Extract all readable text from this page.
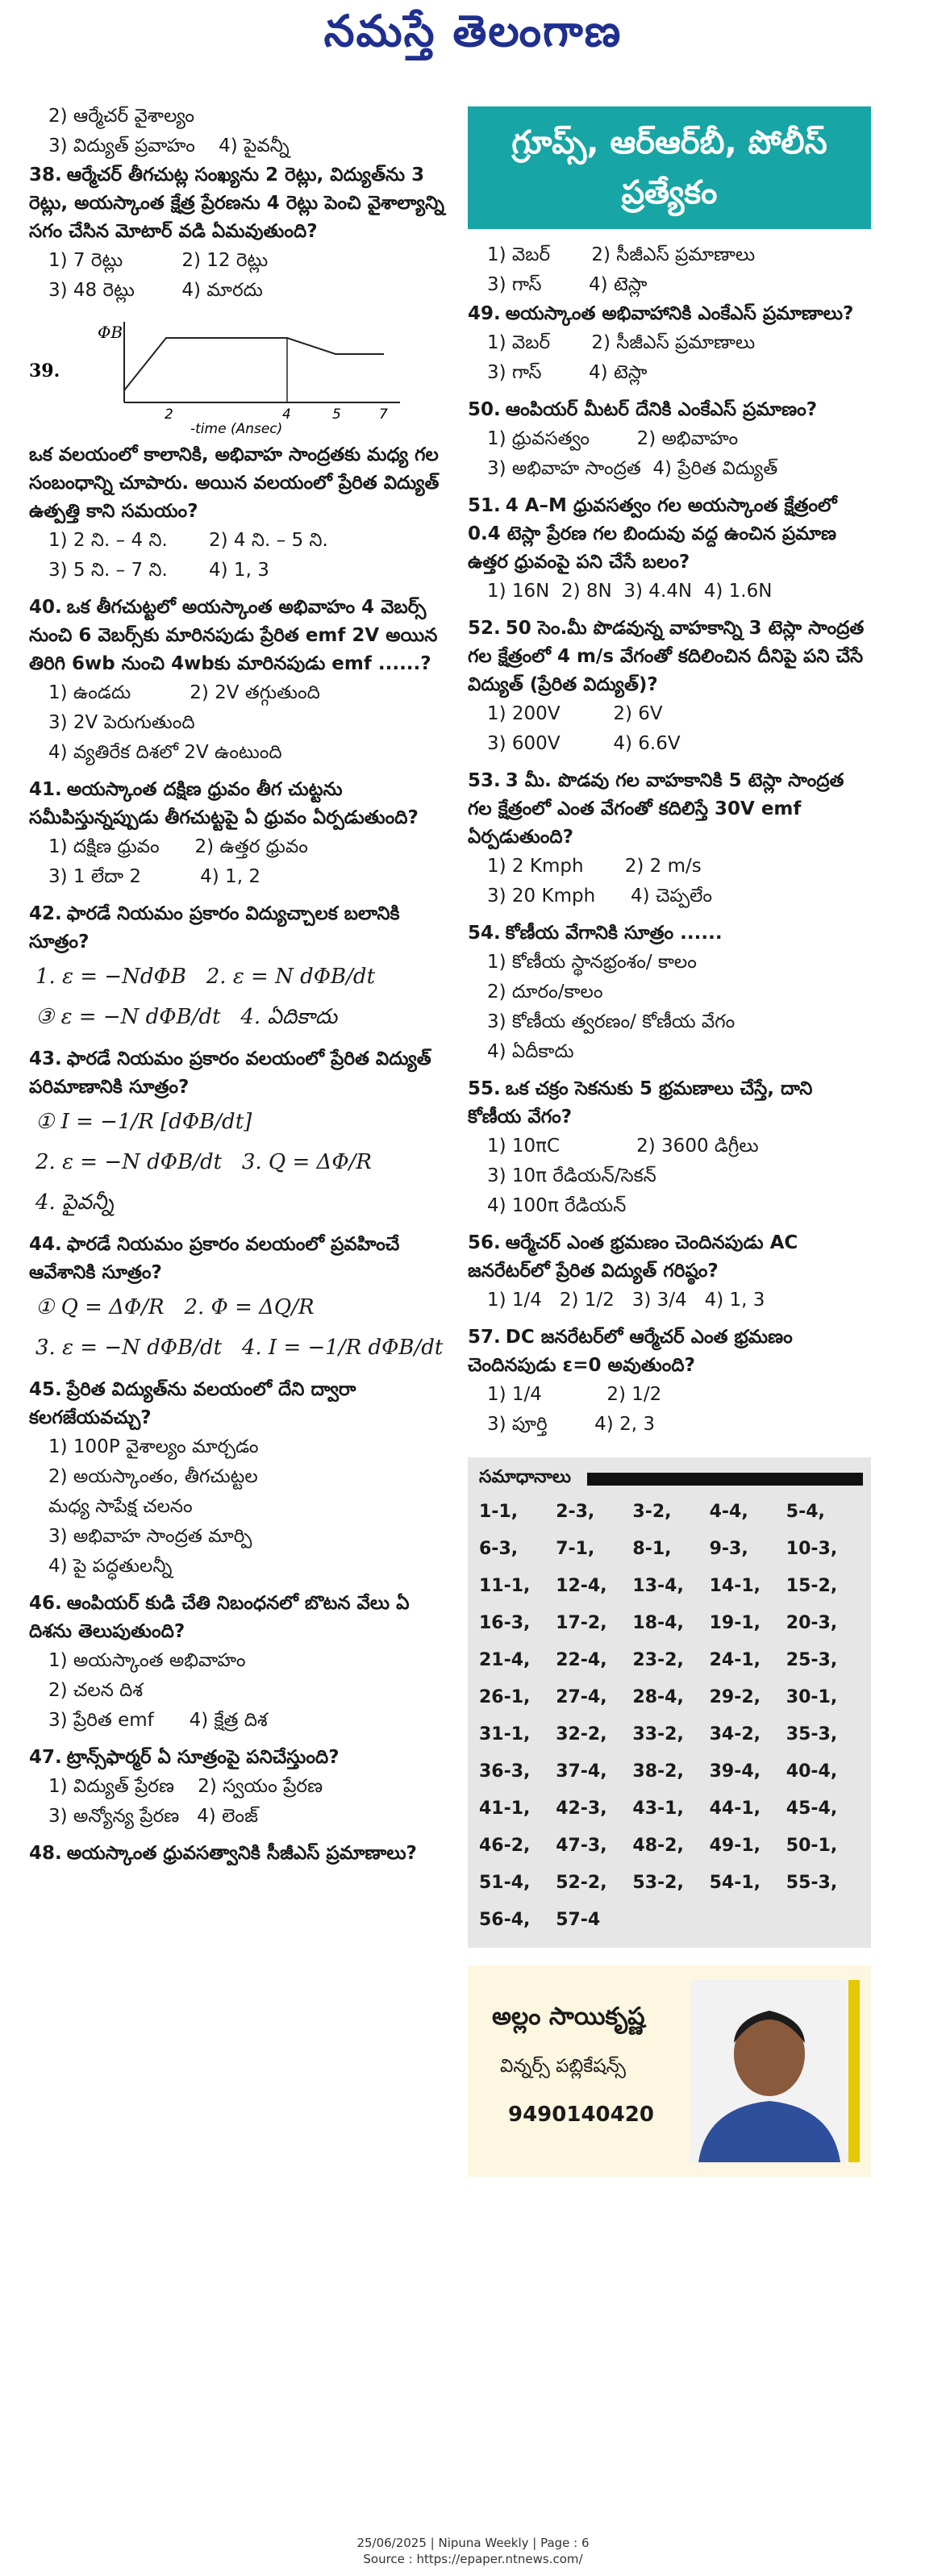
నమస్తే తెలంగాణ
2) ఆర్మేచర్ వైశాల్యం
3) విద్యుత్ ప్రవాహం    4) పైవన్నీ
38. ఆర్మేచర్ తీగచుట్ల సంఖ్యను 2 రెట్లు, విద్యుత్‌ను 3 రెట్లు, అయస్కాంత క్షేత్ర ప్రేరణను 4 రెట్లు పెంచి వైశాల్యాన్ని సగం చేసిన మోటార్ వడి ఏమవుతుంది?
1) 7 రెట్లు          2) 12 రెట్లు
3) 48 రెట్లు        4) మారదు
39.
ΦB
2	4	5	7
-time (Ansec)
ఒక వలయంలో కాలానికి, అభివాహ సాంద్రతకు మధ్య గల సంబంధాన్ని చూపారు. అయిన వలయంలో ప్రేరిత విద్యుత్ ఉత్పత్తి కాని సమయం?
1) 2 ని. – 4 ని.       2) 4 ని. – 5 ని.
3) 5 ని. – 7 ని.       4) 1, 3
40. ఒక తీగచుట్టలో అయస్కాంత అభివాహం 4 వెబర్స్ నుంచి 6 వెబర్స్‌కు మారినపుడు ప్రేరిత emf 2V అయిన తిరిగి 6wb నుంచి 4wbకు మారినపుడు emf ......?
1) ఉండదు          2) 2V తగ్గుతుంది
3) 2V పెరుగుతుంది
4) వ్యతిరేక దిశలో 2V ఉంటుంది
41. అయస్కాంత దక్షిణ ధ్రువం తీగ చుట్టను సమీపిస్తున్నప్పుడు తీగచుట్టపై ఏ ధ్రువం ఏర్పడుతుంది?
1) దక్షిణ ధ్రువం      2) ఉత్తర ధ్రువం
3) 1 లేదా 2          4) 1, 2
42. ఫారడే నియమం ప్రకారం విద్యుచ్చాలక బలానికి సూత్రం?
1. ε = −NdΦB 2. ε = N dΦB/dt
③ ε = −N dΦB/dt 4. ఏదికాదు
43. ఫారడే నియమం ప్రకారం వలయంలో ప్రేరిత విద్యుత్ పరిమాణానికి సూత్రం?
① I = −1/R [dΦB/dt]
2. ε = −N dΦB/dt 3. Q = ΔΦ/R
4. పైవన్నీ
44. ఫారడే నియమం ప్రకారం వలయంలో ప్రవహించే ఆవేశానికి సూత్రం?
① Q = ΔΦ/R 2. Φ = ΔQ/R
3. ε = −N dΦB/dt 4. I = −1/R dΦB/dt
45. ప్రేరిత విద్యుత్‌ను వలయంలో దేని ద్వారా కలగజేయవచ్చు?
1) 100P వైశాల్యం మార్చడం
2) అయస్కాంతం, తీగచుట్టల
మధ్య సాపేక్ష చలనం
3) అభివాహ సాంద్రత మార్పి
4) పై పద్ధతులన్నీ
46. ఆంపియర్ కుడి చేతి నిబంధనలో బొటన వేలు ఏ దిశను తెలుపుతుంది?
1) అయస్కాంత అభివాహం
2) చలన దిశ
3) ప్రేరిత emf      4) క్షేత్ర దిశ
47. ట్రాన్స్‌ఫార్మర్ ఏ సూత్రంపై పనిచేస్తుంది?
1) విద్యుత్ ప్రేరణ    2) స్వయం ప్రేరణ
3) అన్యోన్య ప్రేరణ   4) లెంజ్
48. అయస్కాంత ధ్రువసత్వానికి సీజీఎస్ ప్రమాణాలు?
గ్రూప్స్, ఆర్ఆర్‌బీ, పోలీస్ ప్రత్యేకం
1) వెబర్       2) సీజీఎస్ ప్రమాణాలు
3) గాస్        4) టెస్లా
49. అయస్కాంత అభివాహానికి ఎంకేఎస్ ప్రమాణాలు?
1) వెబర్       2) సీజీఎస్ ప్రమాణాలు
3) గాస్        4) టెస్లా
50. ఆంపియర్ మీటర్ దేనికి ఎంకేఎస్ ప్రమాణం?
1) ధ్రువసత్వం        2) అభివాహం
3) అభివాహ సాంద్రత  4) ప్రేరిత విద్యుత్
51. 4 A–M ధ్రువసత్వం గల అయస్కాంత క్షేత్రంలో 0.4 టెస్లా ప్రేరణ గల బిందువు వద్ద ఉంచిన ప్రమాణ ఉత్తర ధ్రువంపై పని చేసే బలం?
1) 16N  2) 8N  3) 4.4N  4) 1.6N
52. 50 సెం.మీ పొడవున్న వాహకాన్ని 3 టెస్లా సాంద్రత గల క్షేత్రంలో 4 m/s వేగంతో కదిలించిన దీనిపై పని చేసే విద్యుత్ (ప్రేరిత విద్యుత్)?
1) 200V         2) 6V
3) 600V         4) 6.6V
53. 3 మీ. పొడవు గల వాహకానికి 5 టెస్లా సాంద్రత గల క్షేత్రంలో ఎంత వేగంతో కదిలిస్తే 30V emf ఏర్పడుతుంది?
1) 2 Kmph       2) 2 m/s
3) 20 Kmph      4) చెప్పలేం
54. కోణీయ వేగానికి సూత్రం ......
1) కోణీయ స్థానభ్రంశం/ కాలం
2) దూరం/కాలం
3) కోణీయ త్వరణం/ కోణీయ వేగం
4) ఏదీకాదు
55. ఒక చక్రం సెకనుకు 5 భ్రమణాలు చేస్తే, దాని కోణీయ వేగం?
1) 10πC             2) 3600 డిగ్రీలు
3) 10π రేడియన్/సెకన్
4) 100π రేడియన్
56. ఆర్మేచర్ ఎంత భ్రమణం చెందినపుడు AC జనరేటర్‌లో ప్రేరిత విద్యుత్ గరిష్ఠం?
1) 1/4   2) 1/2   3) 3/4   4) 1, 3
57. DC జనరేటర్‌లో ఆర్మేచర్ ఎంత భ్రమణం చెందినపుడు ε=0 అవుతుంది?
1) 1/4           2) 1/2
3) పూర్తి        4) 2, 3
సమాధానాలు
1-1,	2-3,	3-2,	4-4,	5-4,
6-3,	7-1,	8-1,	9-3,	10-3,
11-1,	12-4,	13-4,	14-1,	15-2,
16-3,	17-2,	18-4,	19-1,	20-3,
21-4,	22-4,	23-2,	24-1,	25-3,
26-1,	27-4,	28-4,	29-2,	30-1,
31-1,	32-2,	33-2,	34-2,	35-3,
36-3,	37-4,	38-2,	39-4,	40-4,
41-1,	42-3,	43-1,	44-1,	45-4,
46-2,	47-3,	48-2,	49-1,	50-1,
51-4,	52-2,	53-2,	54-1,	55-3,
56-4,	57-4
అల్లం సాయికృష్ణ
విన్నర్స్ పబ్లికేషన్స్
9490140420
25/06/2025 | Nipuna Weekly | Page : 6
Source : https://epaper.ntnews.com/
